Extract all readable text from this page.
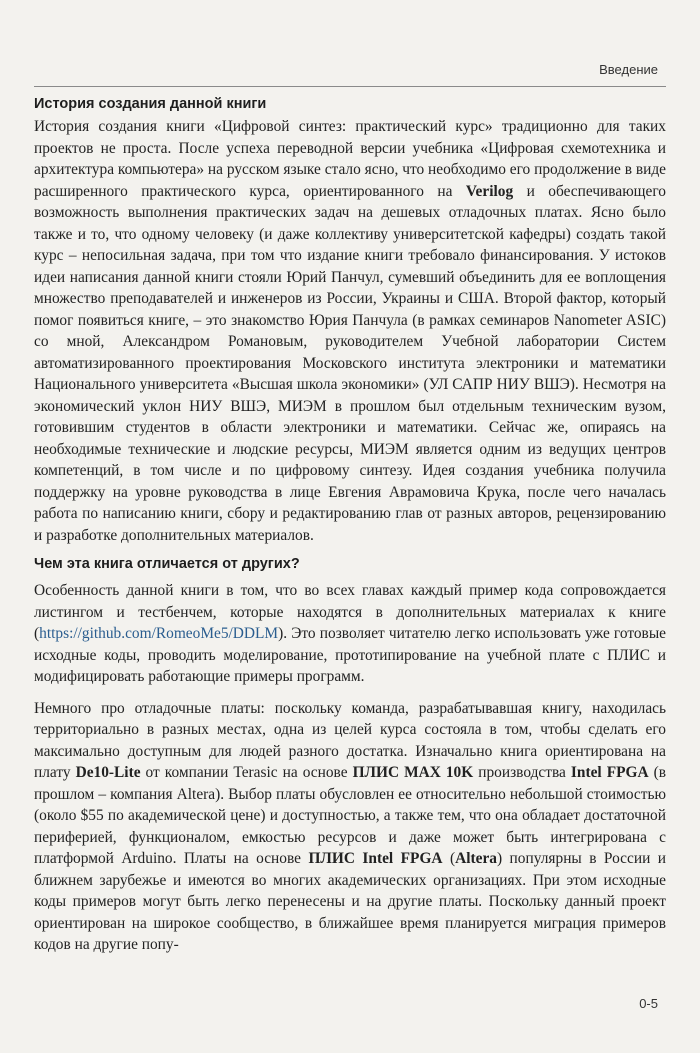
Введение
История создания данной книги

История создания книги «Цифровой синтез: практический курс» традиционно для таких проектов не проста. После успеха переводной версии учебника «Цифровая схемотехника и архитектура компьютера» на русском языке стало ясно, что необходимо его продолжение в виде расширенного практического курса, ориентированного на Verilog и обеспечивающего возможность выполнения практических задач на дешевых отладочных платах. Ясно было также и то, что одному человеку (и даже коллективу университетской кафедры) создать такой курс – непосильная задача, при том что издание книги требовало финансирования. У истоков идеи написания данной книги стояли Юрий Панчул, сумевший объединить для ее воплощения множество преподавателей и инженеров из России, Украины и США. Второй фактор, который помог появиться книге, – это знакомство Юрия Панчула (в рамках семинаров Nanometer ASIC) со мной, Александром Романовым, руководителем Учебной лаборатории Систем автоматизированного проектирования Московского института электроники и математики Национального университета «Высшая школа экономики» (УЛ САПР НИУ ВШЭ). Несмотря на экономический уклон НИУ ВШЭ, МИЭМ в прошлом был отдельным техническим вузом, готовившим студентов в области электроники и математики. Сейчас же, опираясь на необходимые технические и людские ресурсы, МИЭМ является одним из ведущих центров компетенций, в том числе и по цифровому синтезу. Идея создания учебника получила поддержку на уровне руководства в лице Евгения Аврамовича Крука, после чего началась работа по написанию книги, сбору и редактированию глав от разных авторов, рецензированию и разработке дополнительных материалов.

Чем эта книга отличается от других?

Особенность данной книги в том, что во всех главах каждый пример кода сопровождается листингом и тестбенчем, которые находятся в дополнительных материалах к книге (https://github.com/RomeoMe5/DDLM). Это позволяет читателю легко использовать уже готовые исходные коды, проводить моделирование, прототипирование на учебной плате с ПЛИС и модифицировать работающие примеры программ.

Немного про отладочные платы: поскольку команда, разрабатывавшая книгу, находилась территориально в разных местах, одна из целей курса состояла в том, чтобы сделать его максимально доступным для людей разного достатка. Изначально книга ориентирована на плату De10-Lite от компании Terasic на основе ПЛИС MAX 10K производства Intel FPGA (в прошлом – компания Altera). Выбор платы обусловлен ее относительно небольшой стоимостью (около $55 по академической цене) и доступностью, а также тем, что она обладает достаточной периферией, функционалом, емкостью ресурсов и даже может быть интегрирована с платформой Arduino. Платы на основе ПЛИС Intel FPGA (Altera) популярны в России и ближнем зарубежье и имеются во многих академических организациях. При этом исходные коды примеров могут быть легко перенесены и на другие платы. Поскольку данный проект ориентирован на широкое сообщество, в ближайшее время планируется миграция примеров кодов на другие попу-

0-5
